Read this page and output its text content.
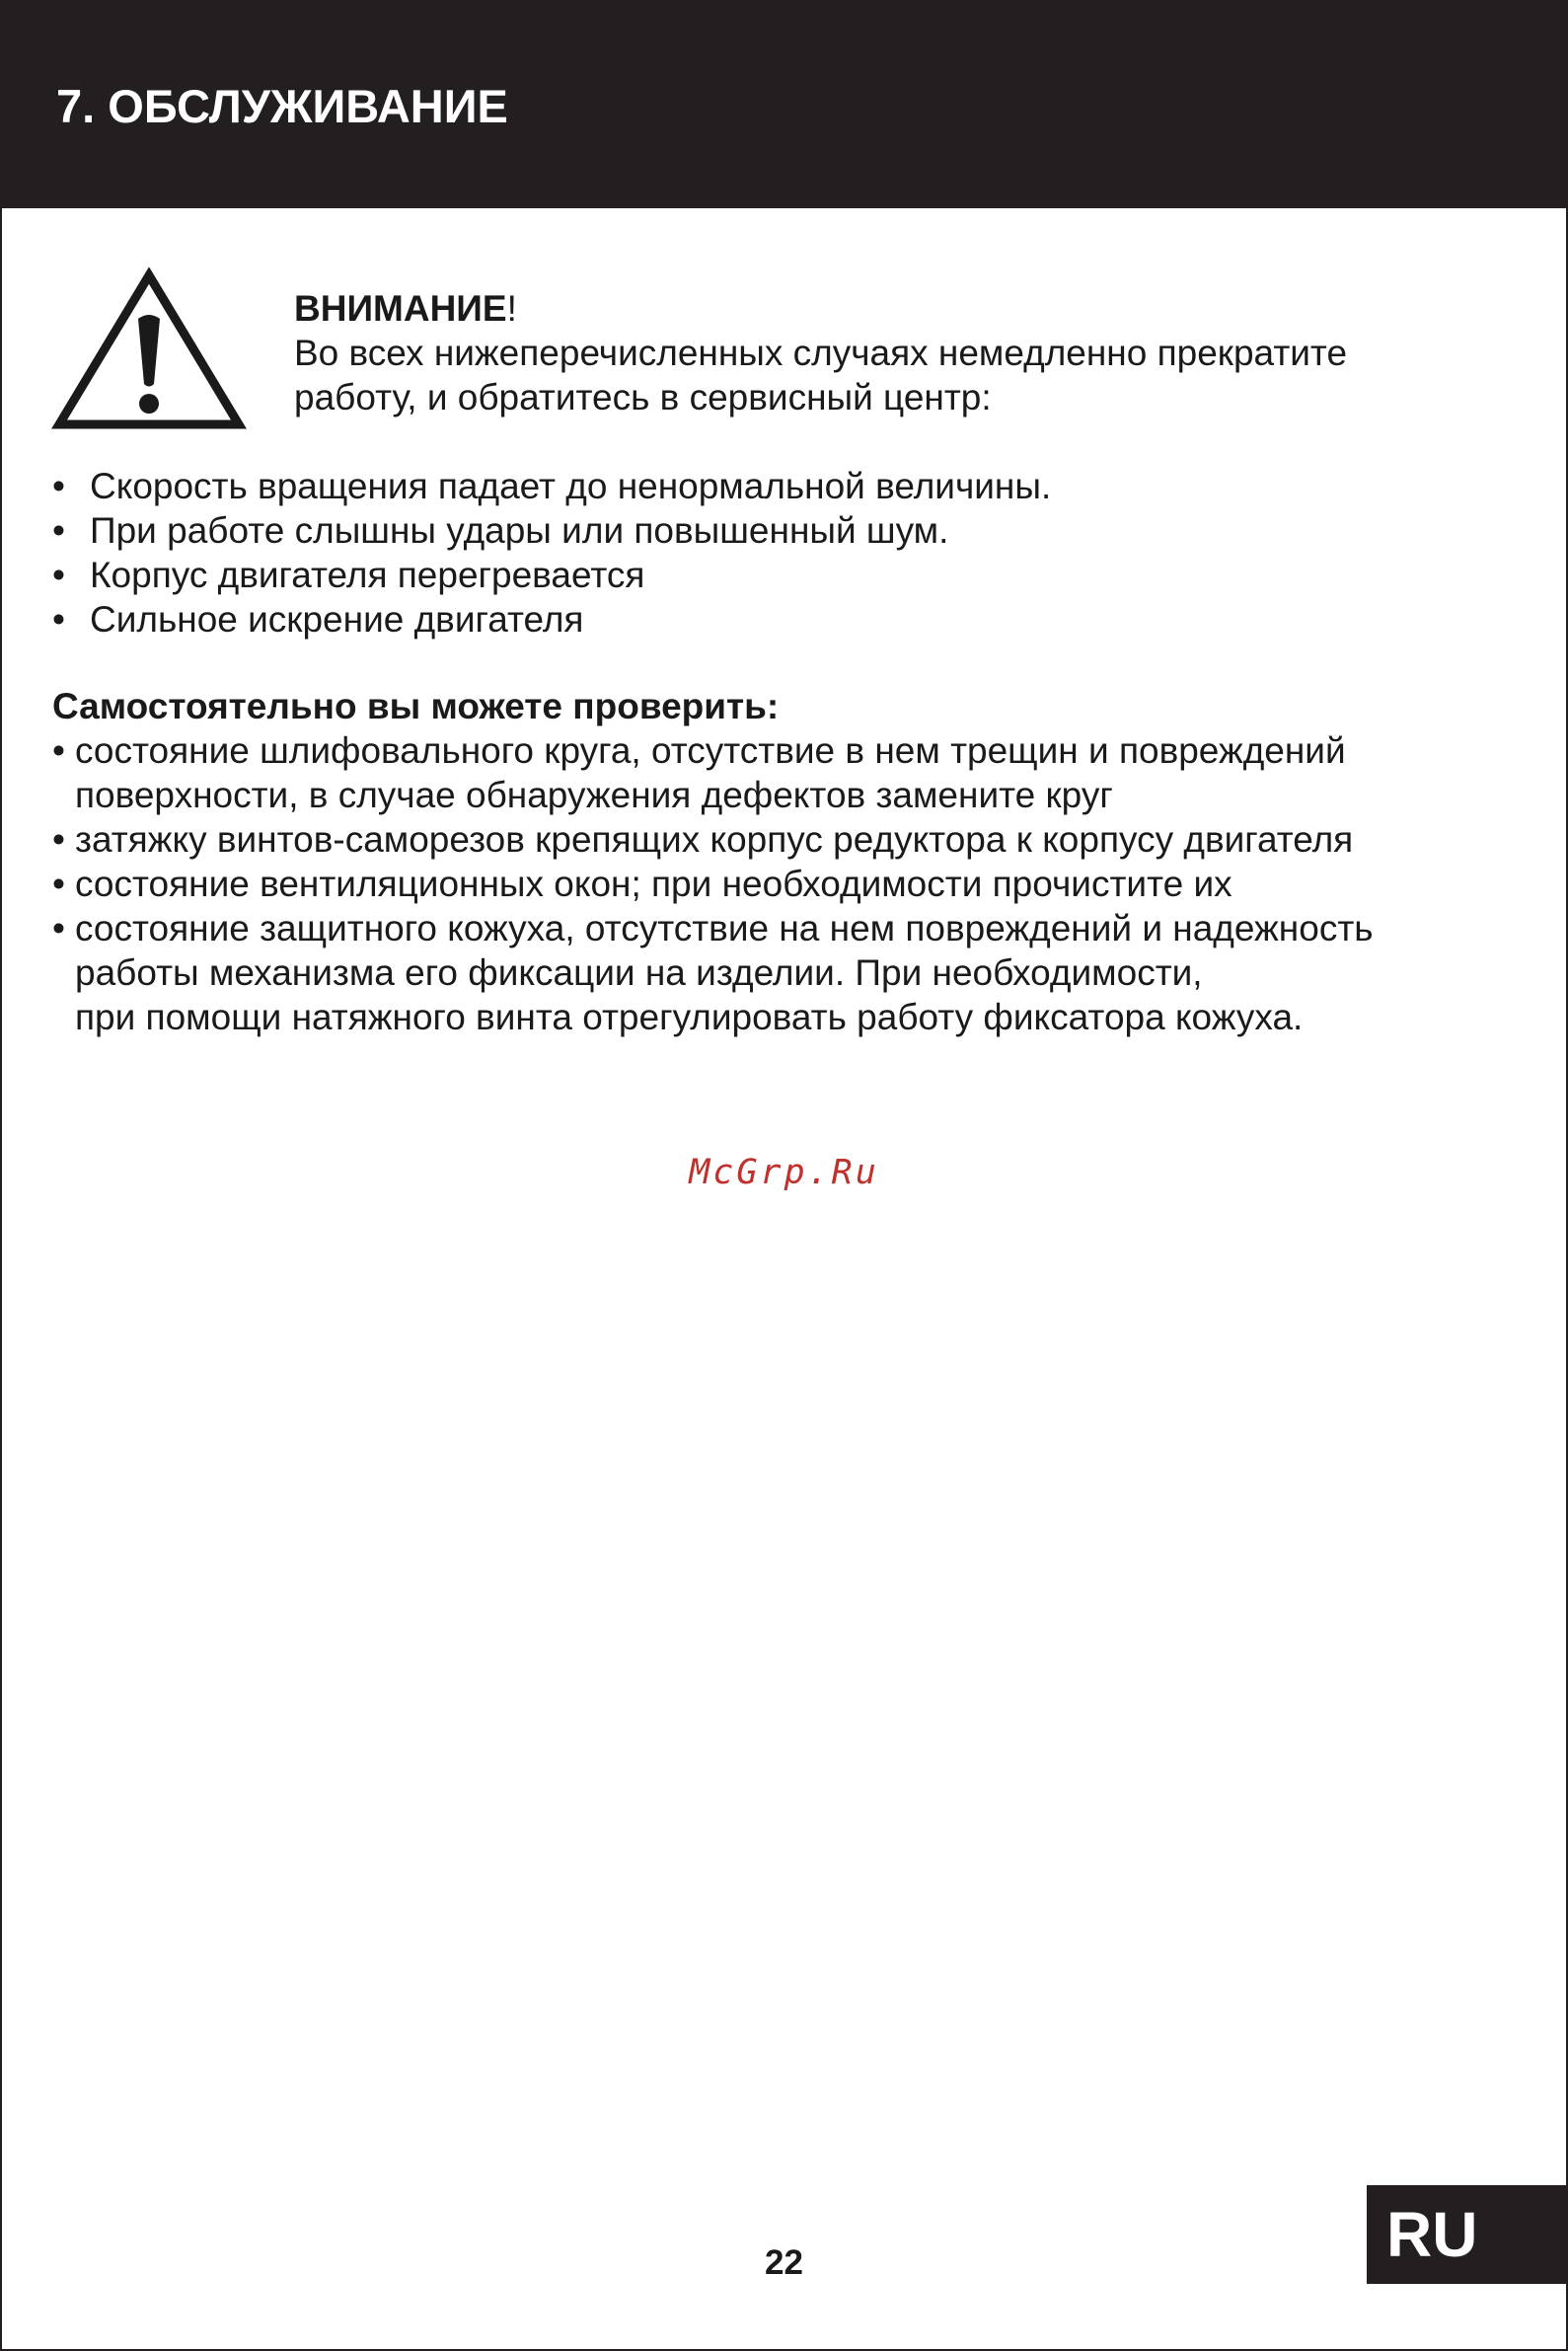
7. ОБСЛУЖИВАНИЕ
ВНИМАНИЕ!
Во всех нижеперечисленных случаях немедленно прекратите
работу, и обратитесь в сервисный центр:
• Скорость вращения падает до ненормальной величины.
• При работе слышны удары или повышенный шум.
• Корпус двигателя перегревается
• Сильное искрение двигателя

Самостоятельно вы можете проверить:

• состояние шлифовального круга, отсутствие в нем трещин и повреждений
поверхности, в случае обнаружения дефектов замените круг
• затяжку винтов-саморезов крепящих корпус редуктора к корпусу двигателя
• состояние вентиляционных окон; при необходимости прочистите их
• состояние защитного кожуха, отсутствие на нем повреждений и надежность
работы механизма его фиксации на изделии. При необходимости,
при помощи натяжного винта отрегулировать работу фиксатора кожуха.
McGrp.Ru
22	RU
